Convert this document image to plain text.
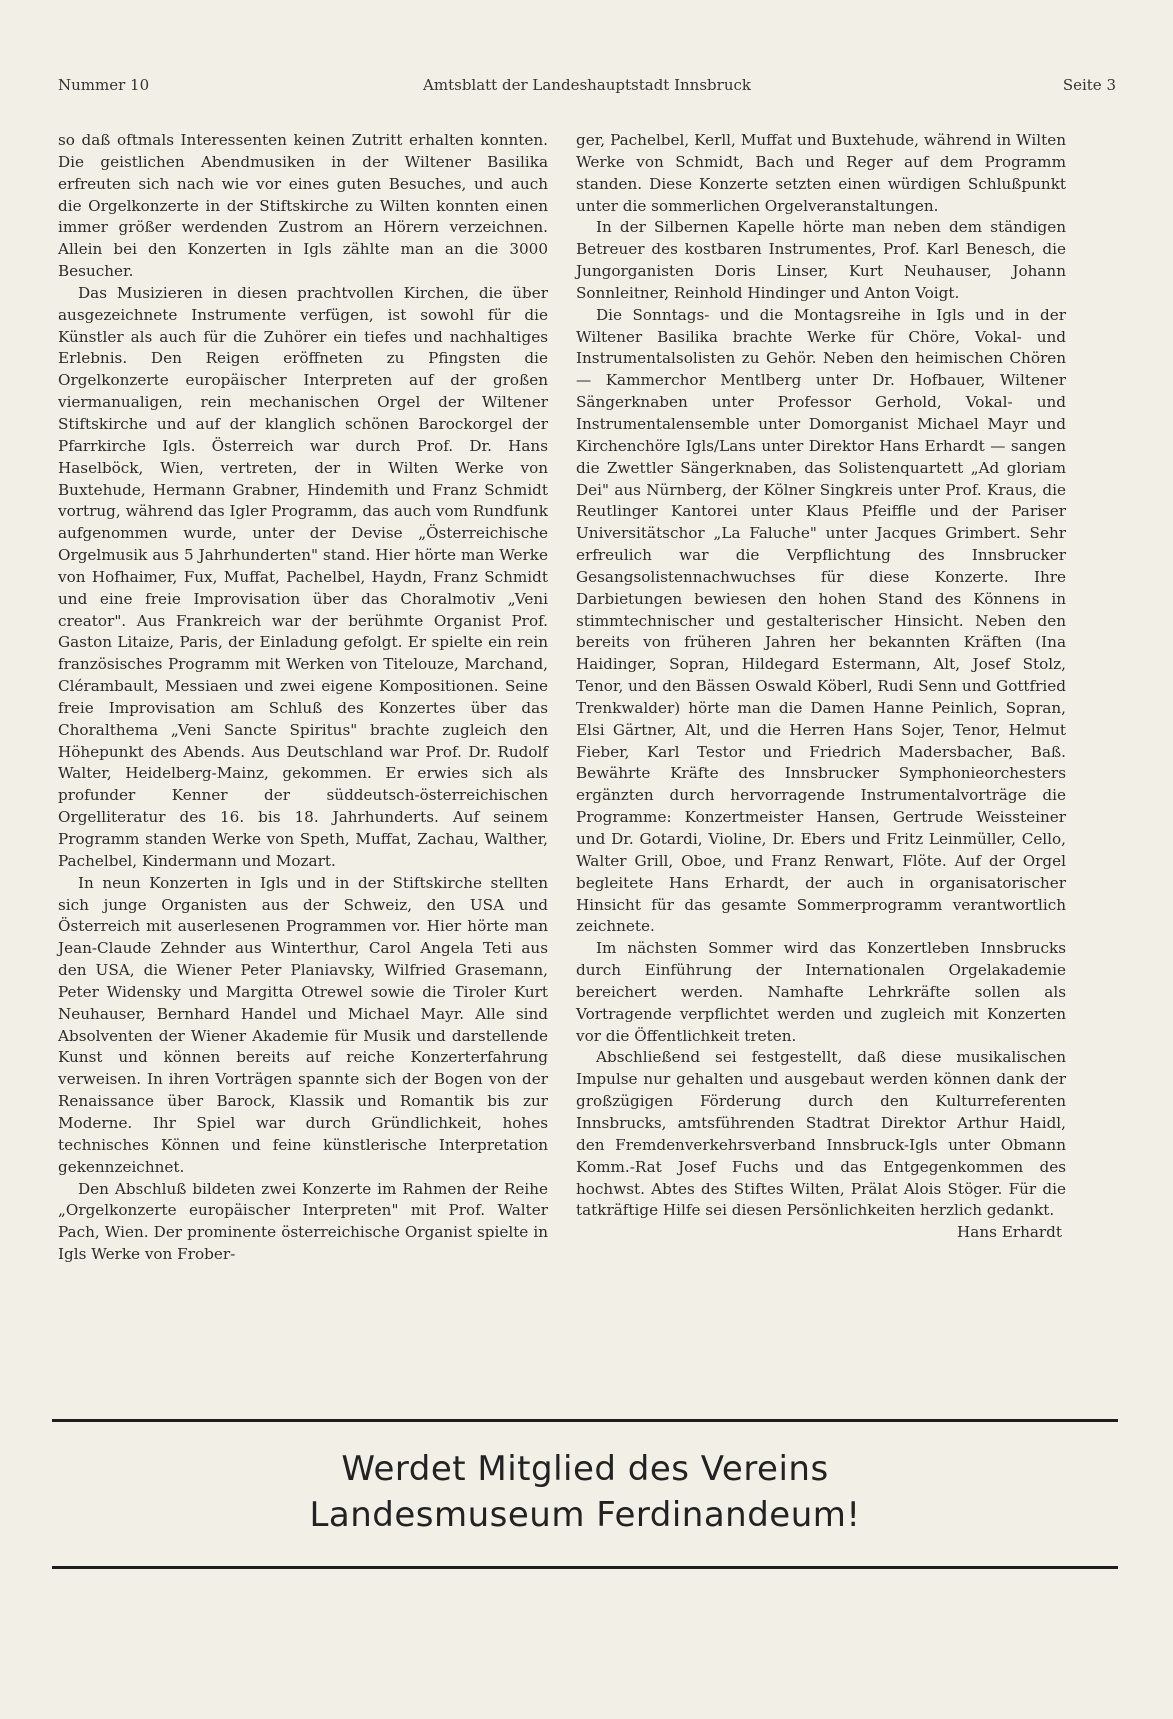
Nummer 10	Amtsblatt der Landeshauptstadt Innsbruck	Seite 3

so daß oftmals Interessenten keinen Zutritt erhalten konnten. Die geistlichen Abendmusiken in der Wiltener Basilika erfreuten sich nach wie vor eines guten Besuches, und auch die Orgelkonzerte in der Stiftskirche zu Wilten konnten einen immer größer werdenden Zustrom an Hörern verzeichnen. Allein bei den Konzerten in Igls zählte man an die 3000 Besucher.

Das Musizieren in diesen prachtvollen Kirchen, die über ausgezeichnete Instrumente verfügen, ist sowohl für die Künstler als auch für die Zuhörer ein tiefes und nachhaltiges Erlebnis. Den Reigen eröffneten zu Pfingsten die Orgelkonzerte europäischer Interpreten auf der großen viermanualigen, rein mechanischen Orgel der Wiltener Stiftskirche und auf der klanglich schönen Barockorgel der Pfarrkirche Igls. Österreich war durch Prof. Dr. Hans Haselböck, Wien, vertreten, der in Wilten Werke von Buxtehude, Hermann Grabner, Hindemith und Franz Schmidt vortrug, während das Igler Programm, das auch vom Rundfunk aufgenommen wurde, unter der Devise „Österreichische Orgelmusik aus 5 Jahrhunderten" stand. Hier hörte man Werke von Hofhaimer, Fux, Muffat, Pachelbel, Haydn, Franz Schmidt und eine freie Improvisation über das Choralmotiv „Veni creator". Aus Frankreich war der berühmte Organist Prof. Gaston Litaize, Paris, der Einladung gefolgt. Er spielte ein rein französisches Programm mit Werken von Titelouze, Marchand, Clérambault, Messiaen und zwei eigene Kompositionen. Seine freie Improvisation am Schluß des Konzertes über das Choralthema „Veni Sancte Spiritus" brachte zugleich den Höhepunkt des Abends. Aus Deutschland war Prof. Dr. Rudolf Walter, Heidelberg-Mainz, gekommen. Er erwies sich als profunder Kenner der süddeutsch-österreichischen Orgelliteratur des 16. bis 18. Jahrhunderts. Auf seinem Programm standen Werke von Speth, Muffat, Zachau, Walther, Pachelbel, Kindermann und Mozart.

In neun Konzerten in Igls und in der Stiftskirche stellten sich junge Organisten aus der Schweiz, den USA und Österreich mit auserlesenen Programmen vor. Hier hörte man Jean-Claude Zehnder aus Winterthur, Carol Angela Teti aus den USA, die Wiener Peter Planiavsky, Wilfried Grasemann, Peter Widensky und Margitta Otrewel sowie die Tiroler Kurt Neuhauser, Bernhard Handel und Michael Mayr. Alle sind Absolventen der Wiener Akademie für Musik und darstellende Kunst und können bereits auf reiche Konzerterfahrung verweisen. In ihren Vorträgen spannte sich der Bogen von der Renaissance über Barock, Klassik und Romantik bis zur Moderne. Ihr Spiel war durch Gründlichkeit, hohes technisches Können und feine künstlerische Interpretation gekennzeichnet.

Den Abschluß bildeten zwei Konzerte im Rahmen der Reihe „Orgelkonzerte europäischer Interpreten" mit Prof. Walter Pach, Wien. Der prominente österreichische Organist spielte in Igls Werke von Frober-

ger, Pachelbel, Kerll, Muffat und Buxtehude, während in Wilten Werke von Schmidt, Bach und Reger auf dem Programm standen. Diese Konzerte setzten einen würdigen Schlußpunkt unter die sommerlichen Orgelveranstaltungen.

In der Silbernen Kapelle hörte man neben dem ständigen Betreuer des kostbaren Instrumentes, Prof. Karl Benesch, die Jungorganisten Doris Linser, Kurt Neuhauser, Johann Sonnleitner, Reinhold Hindinger und Anton Voigt.

Die Sonntags- und die Montagsreihe in Igls und in der Wiltener Basilika brachte Werke für Chöre, Vokal- und Instrumentalsolisten zu Gehör. Neben den heimischen Chören — Kammerchor Mentlberg unter Dr. Hofbauer, Wiltener Sängerknaben unter Professor Gerhold, Vokal- und Instrumentalensemble unter Domorganist Michael Mayr und Kirchenchöre Igls/Lans unter Direktor Hans Erhardt — sangen die Zwettler Sängerknaben, das Solistenquartett „Ad gloriam Dei" aus Nürnberg, der Kölner Singkreis unter Prof. Kraus, die Reutlinger Kantorei unter Klaus Pfeiffle und der Pariser Universitätschor „La Faluche" unter Jacques Grimbert. Sehr erfreulich war die Verpflichtung des Innsbrucker Gesangsolistennachwuchses für diese Konzerte. Ihre Darbietungen bewiesen den hohen Stand des Könnens in stimmtechnischer und gestalterischer Hinsicht. Neben den bereits von früheren Jahren her bekannten Kräften (Ina Haidinger, Sopran, Hildegard Estermann, Alt, Josef Stolz, Tenor, und den Bässen Oswald Köberl, Rudi Senn und Gottfried Trenkwalder) hörte man die Damen Hanne Peinlich, Sopran, Elsi Gärtner, Alt, und die Herren Hans Sojer, Tenor, Helmut Fieber, Karl Testor und Friedrich Madersbacher, Baß. Bewährte Kräfte des Innsbrucker Symphonieorchesters ergänzten durch hervorragende Instrumentalvorträge die Programme: Konzertmeister Hansen, Gertrude Weissteiner und Dr. Gotardi, Violine, Dr. Ebers und Fritz Leinmüller, Cello, Walter Grill, Oboe, und Franz Renwart, Flöte. Auf der Orgel begleitete Hans Erhardt, der auch in organisatorischer Hinsicht für das gesamte Sommerprogramm verantwortlich zeichnete.

Im nächsten Sommer wird das Konzertleben Innsbrucks durch Einführung der Internationalen Orgelakademie bereichert werden. Namhafte Lehrkräfte sollen als Vortragende verpflichtet werden und zugleich mit Konzerten vor die Öffentlichkeit treten.

Abschließend sei festgestellt, daß diese musikalischen Impulse nur gehalten und ausgebaut werden können dank der großzügigen Förderung durch den Kulturreferenten Innsbrucks, amtsführenden Stadtrat Direktor Arthur Haidl, den Fremdenverkehrsverband Innsbruck-Igls unter Obmann Komm.-Rat Josef Fuchs und das Entgegenkommen des hochwst. Abtes des Stiftes Wilten, Prälat Alois Stöger. Für die tatkräftige Hilfe sei diesen Persönlichkeiten herzlich gedankt.

Hans Erhardt

Werdet Mitglied des Vereins
Landesmuseum Ferdinandeum!
